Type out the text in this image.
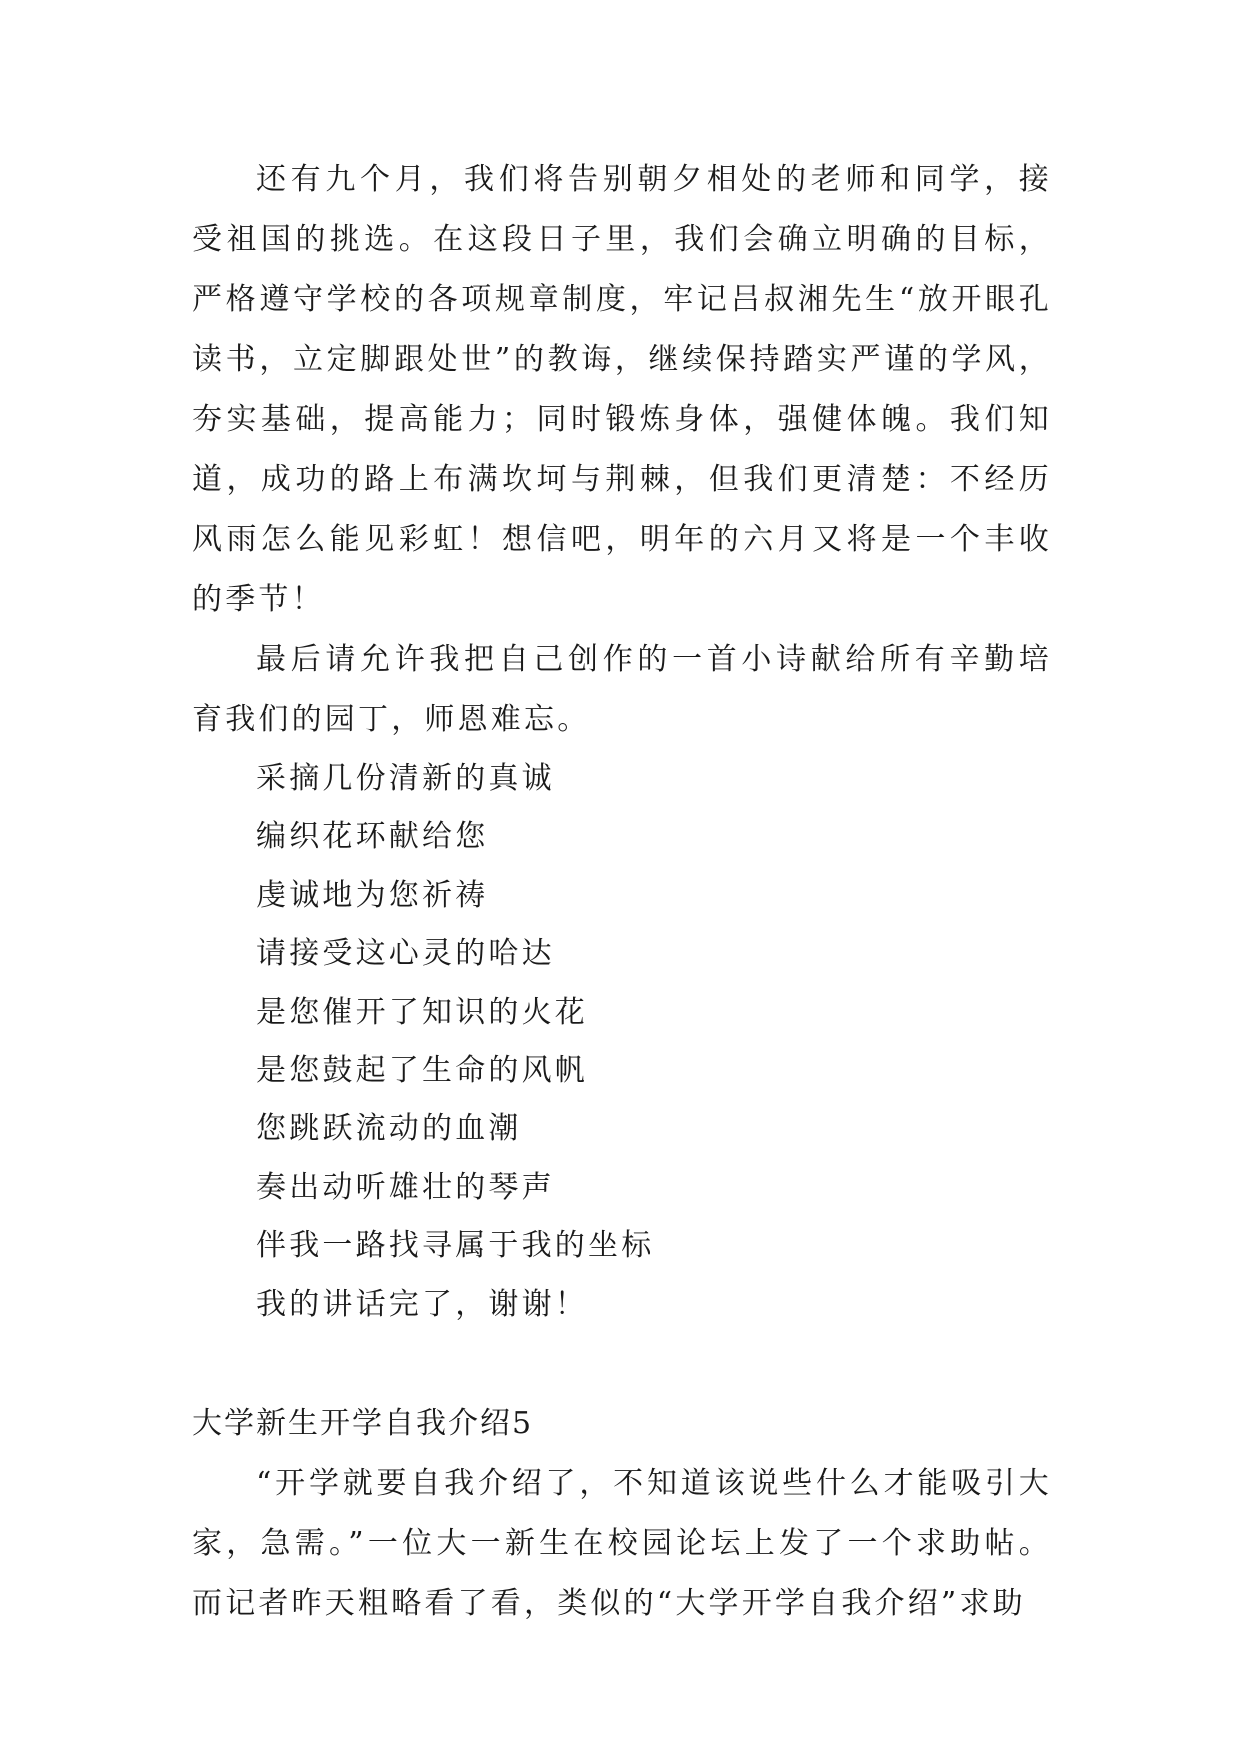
还有九个月，我们将告别朝夕相处的老师和同学，接受祖国的挑选。在这段日子里，我们会确立明确的目标，严格遵守学校的各项规章制度，牢记吕叔湘先生“放开眼孔读书，立定脚跟处世”的教诲，继续保持踏实严谨的学风，夯实基础，提高能力；同时锻炼身体，强健体魄。我们知道，成功的路上布满坎坷与荆棘，但我们更清楚：不经历风雨怎么能见彩虹！想信吧，明年的六月又将是一个丰收的季节！

最后请允许我把自己创作的一首小诗献给所有辛勤培育我们的园丁，师恩难忘。

采摘几份清新的真诚

编织花环献给您

虔诚地为您祈祷

请接受这心灵的哈达

是您催开了知识的火花

是您鼓起了生命的风帆

您跳跃流动的血潮

奏出动听雄壮的琴声

伴我一路找寻属于我的坐标

我的讲话完了，谢谢！

大学新生开学自我介绍5

“开学就要自我介绍了，不知道该说些什么才能吸引大家，急需。”一位大一新生在校园论坛上发了一个求助帖。而记者昨天粗略看了看，类似的“大学开学自我介绍”求助
